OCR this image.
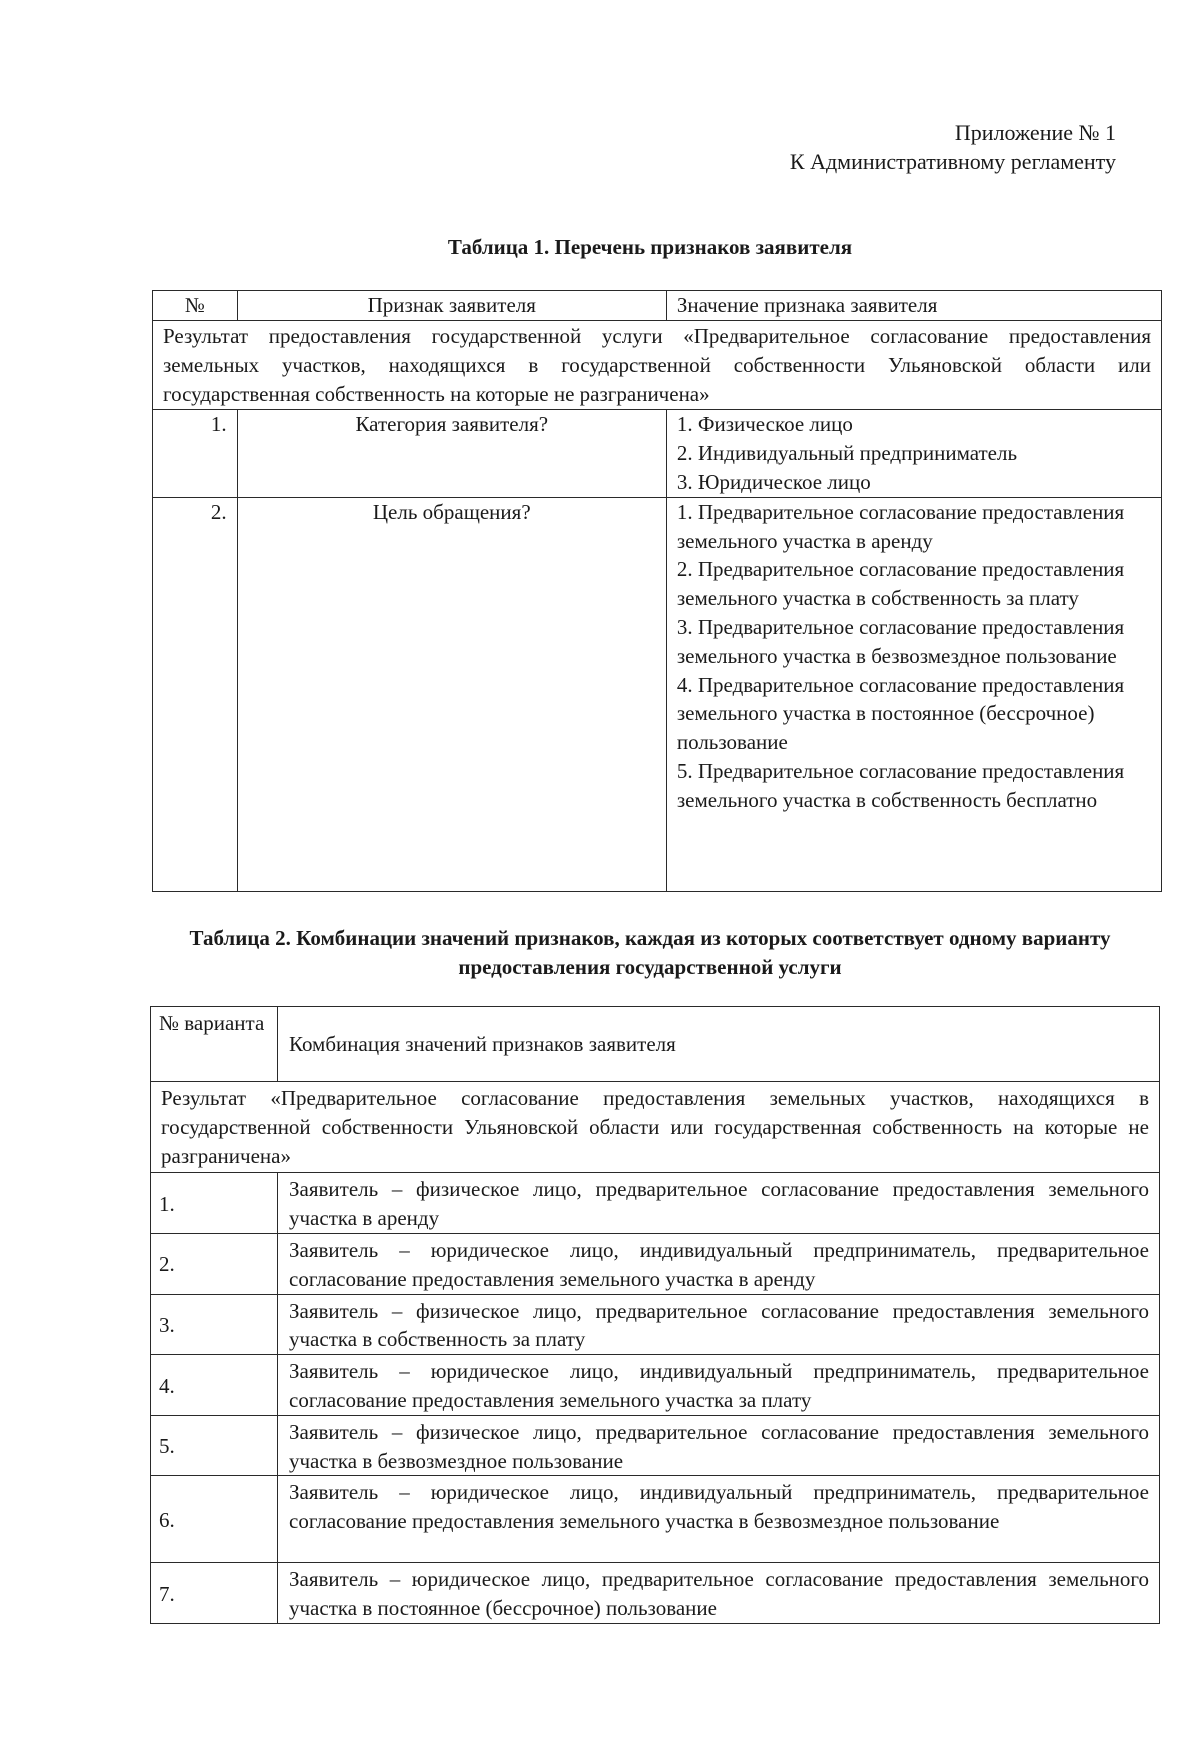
Приложение № 1
К Административному регламенту
Таблица 1. Перечень признаков заявителя
№	Признак заявителя	Значение признака заявителя
Результат предоставления государственной услуги «Предварительное согласование предоставления земельных участков, находящихся в государственной собственности Ульяновской области или государственная собственность на которые не разграничена»		
1.	Категория заявителя?	1. Физическое лицо
2. Индивидуальный предприниматель
3. Юридическое лицо

2.	Цель обращения?	1. Предварительное согласование предоставления земельного участка в аренду
2. Предварительное согласование предоставления земельного участка в собственность за плату
3. Предварительное согласование предоставления земельного участка в безвозмездное пользование
4. Предварительное согласование предоставления земельного участка в постоянное (бессрочное) пользование
5. Предварительное согласование предоставления земельного участка в собственность бесплатно
Таблица 2. Комбинации значений признаков, каждая из которых соответствует одному варианту предоставления государственной услуги
№ варианта	Комбинация значений признаков заявителя
Результат «Предварительное согласование предоставления земельных участков, находящихся в государственной собственности Ульяновской области или государственная собственность на которые не разграничена»	
1.	Заявитель – физическое лицо, предварительное согласование предоставления земельного участка в аренду
2.	Заявитель – юридическое лицо, индивидуальный предприниматель, предварительное согласование предоставления земельного участка в аренду
3.	Заявитель – физическое лицо, предварительное согласование предоставления земельного участка в собственность за плату
4.	Заявитель – юридическое лицо, индивидуальный предприниматель, предварительное согласование предоставления земельного участка за плату
5.	Заявитель – физическое лицо, предварительное согласование предоставления земельного участка в безвозмездное пользование
6.	Заявитель – юридическое лицо, индивидуальный предприниматель, предварительное согласование предоставления земельного участка в безвозмездное пользование
7.	Заявитель – юридическое лицо, предварительное согласование предоставления земельного участка в постоянное (бессрочное) пользование
